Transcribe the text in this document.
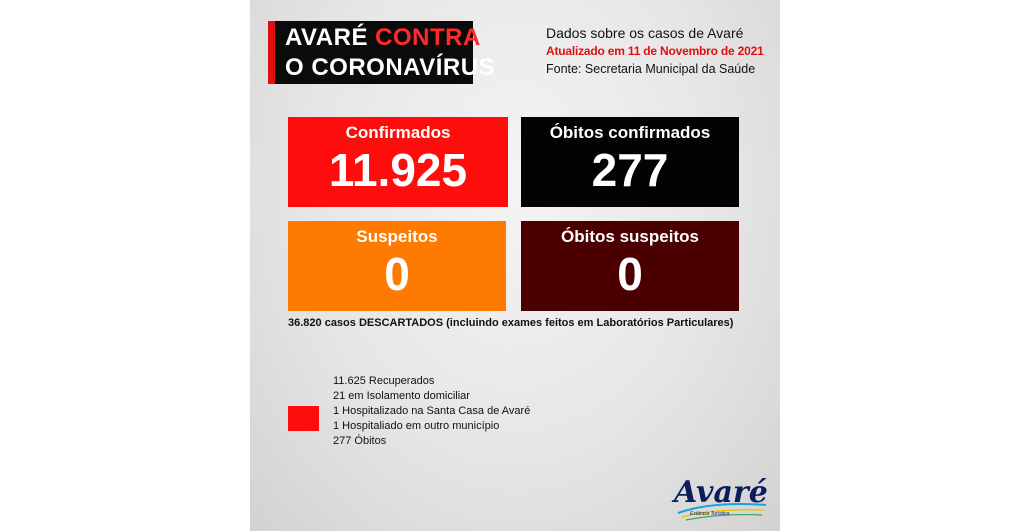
AVARÉ CONTRA
O CORONAVÍRUS
Dados sobre os casos de Avaré
Atualizado em 11 de Novembro de 2021
Fonte: Secretaria Municipal da Saúde
Confirmados
11.925
Óbitos confirmados
277
Suspeitos
0
Óbitos suspeitos
0
36.820 casos DESCARTADOS (incluindo exames feitos em Laboratórios Particulares)
11.625 Recuperados
21 em Isolamento domiciliar
1 Hospitalizado na Santa Casa de Avaré
1 Hospitaliado em outro município
277 Óbitos
Avaré
Estância Turística
